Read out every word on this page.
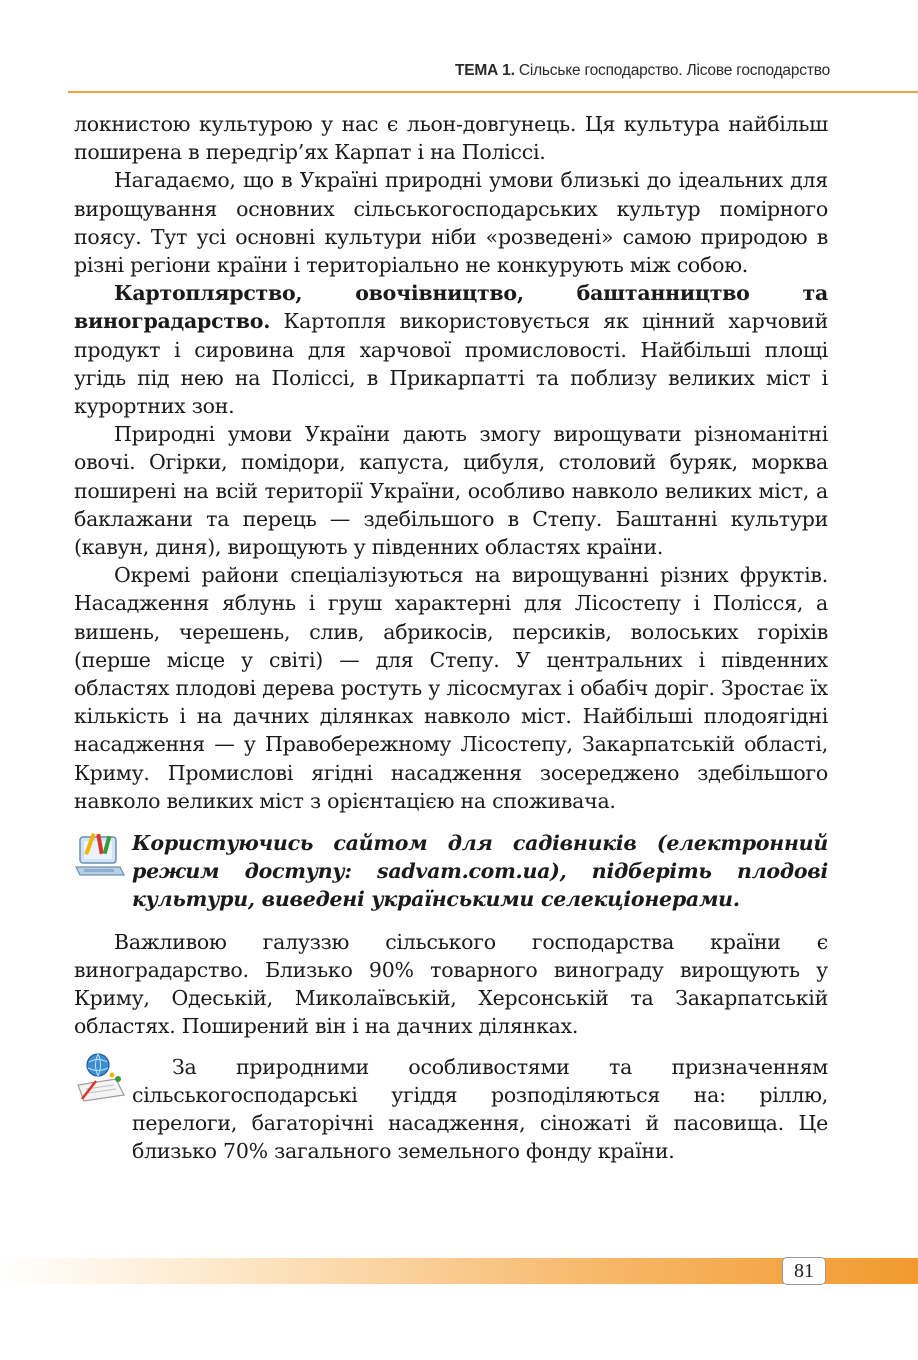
ТЕМА 1. Сільське господарство. Лісове господарство

локнистою культурою у нас є льон-довгунець. Ця культура найбільш поширена в передгір’ях Карпат і на Поліссі.

Нагадаємо, що в Україні природні умови близькі до ідеальних для вирощування основних сільськогосподарських культур помірного поясу. Тут усі основні культури ніби «розведені» самою природою в різні регіони країни і територіально не конкурують між собою.

Картоплярство, овочівництво, баштанництво та виноградарство. Картопля використовується як цінний харчовий продукт і сировина для харчової промисловості. Найбільші площі угідь під нею на Поліссі, в Прикарпатті та поблизу великих міст і курортних зон.

Природні умови України дають змогу вирощувати різноманітні овочі. Огірки, помідори, капуста, цибуля, столовий буряк, морква поширені на всій території України, особливо навколо великих міст, а баклажани та перець — здебільшого в Степу. Баштанні культури (кавун, диня), вирощують у південних областях країни.

Окремі райони спеціалізуються на вирощуванні різних фруктів. Насадження яблунь і груш характерні для Лісостепу і Полісся, а вишень, черешень, слив, абрикосів, персиків, волоських горіхів (перше місце у світі) — для Степу. У центральних і південних областях плодові дерева ростуть у лісосмугах і обабіч доріг. Зростає їх кількість і на дачних ділянках навколо міст. Найбільші плодоягідні насадження — у Правобережному Лісостепу, Закарпатській області, Криму. Промислові ягідні насадження зосереджено здебільшого навколо великих міст з орієнтацією на споживача.

Користуючись сайтом для садівників (електронний режим доступу: sadvam.com.ua), підберіть плодові культури, виведені українськими селекціонерами.

Важливою галуззю сільського господарства країни є виноградарство. Близько 90% товарного винограду вирощують у Криму, Одеській, Миколаївській, Херсонській та Закарпатській областях. Поширений він і на дачних ділянках.

За природними особливостями та призначенням сільськогосподарські угіддя розподіляються на: ріллю, перелоги, багаторічні насадження, сіножаті й пасовища. Це близько 70% загального земельного фонду країни.

81
